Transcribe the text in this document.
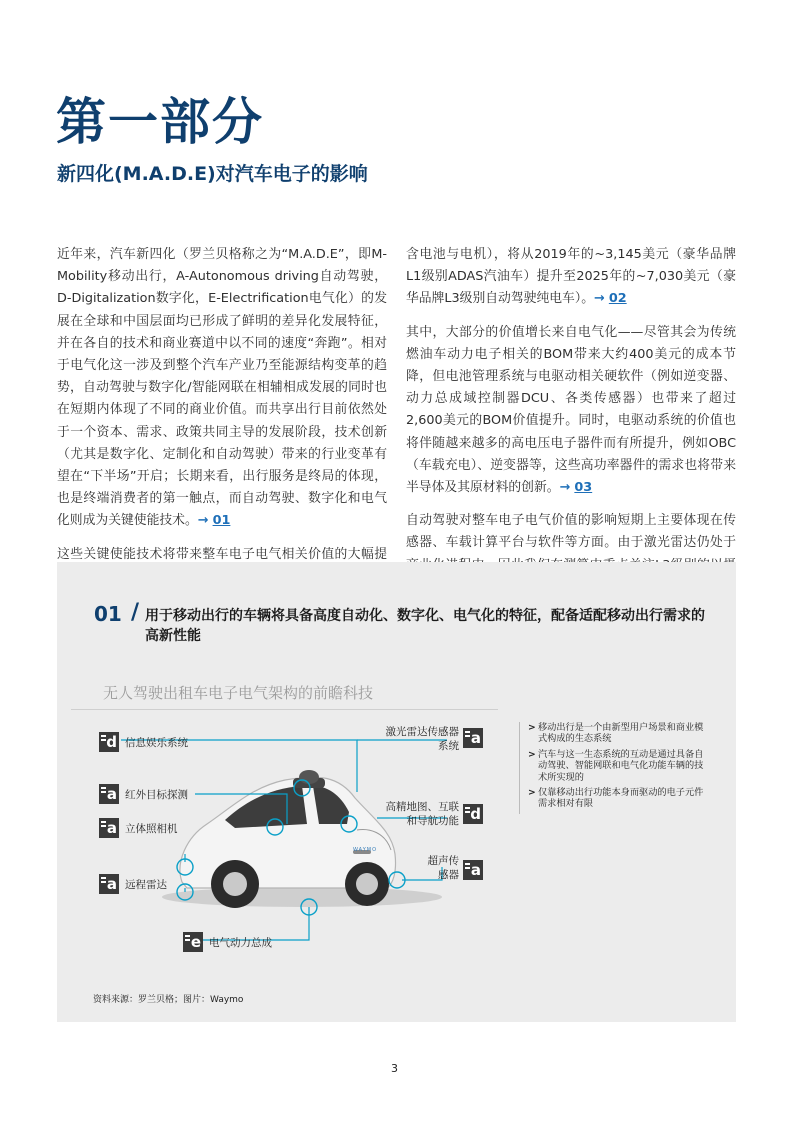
第一部分
新四化(M.A.D.E)对汽车电子的影响

近年来，汽车新四化（罗兰贝格称之为“M.A.D.E”，即M-Mobility移动出行，A-Autonomous driving自动驾驶，D-Digitalization数字化，E-Electrification电气化）的发展在全球和中国层面均已形成了鲜明的差异化发展特征，并在各自的技术和商业赛道中以不同的速度“奔跑”。相对于电气化这一涉及到整个汽车产业乃至能源结构变革的趋势，自动驾驶与数字化/智能网联在相辅相成发展的同时也在短期内体现了不同的商业价值。而共享出行目前依然处于一个资本、需求、政策共同主导的发展阶段，技术创新（尤其是数字化、定制化和自动驾驶）带来的行业变革有望在“下半场”开启；长期来看，出行服务是终局的体现，也是终端消费者的第一触点，而自动驾驶、数字化和电气化则成为关键使能技术。→ 01

这些关键使能技术将带来整车电子电气相关价值的大幅提

含电池与电机），将从2019年的~3,145美元（豪华品牌 L1级别ADAS汽油车）提升至2025年的~7,030美元（豪华品牌L3级别自动驾驶纯电车）。→ 02

其中，大部分的价值增长来自电气化——尽管其会为传统燃油车动力电子相关的BOM带来大约400美元的成本节降，但电池管理系统与电驱动相关硬软件（例如逆变器、动力总成域控制器DCU、各类传感器）也带来了超过2,600美元的BOM价值提升。同时，电驱动系统的价值也将伴随越来越多的高电压电子器件而有所提升，例如OBC（车载充电）、逆变器等，这些高功率器件的需求也将带来半导体及其原材料的创新。→ 03

自动驾驶对整车电子电气价值的影响短期上主要体现在传感器、车载计算平台与软件等方面。由于激光雷达仍处于

01 / 用于移动出行的车辆将具备高度自动化、数字化、电气化的特征，配备适配移动出行需求的高新性能
无人驾驶出租车电子电气架构的前瞻科技
d 信息娱乐系统
a 红外目标探测
a 立体照相机
a 远程雷达
e 电气动力总成
激光雷达传感器
系统 a
高精地图、互联
和导航功能 d
超声传
感器 a
WAYMO
> 移动出行是一个由新型用户场景和商业模式构成的生态系统
> 汽车与这一生态系统的互动是通过具备自动驾驶、智能网联和电气化功能车辆的技术所实现的
> 仅靠移动出行功能本身而驱动的电子元件需求相对有限
资料来源：罗兰贝格；图片：Waymo
3
